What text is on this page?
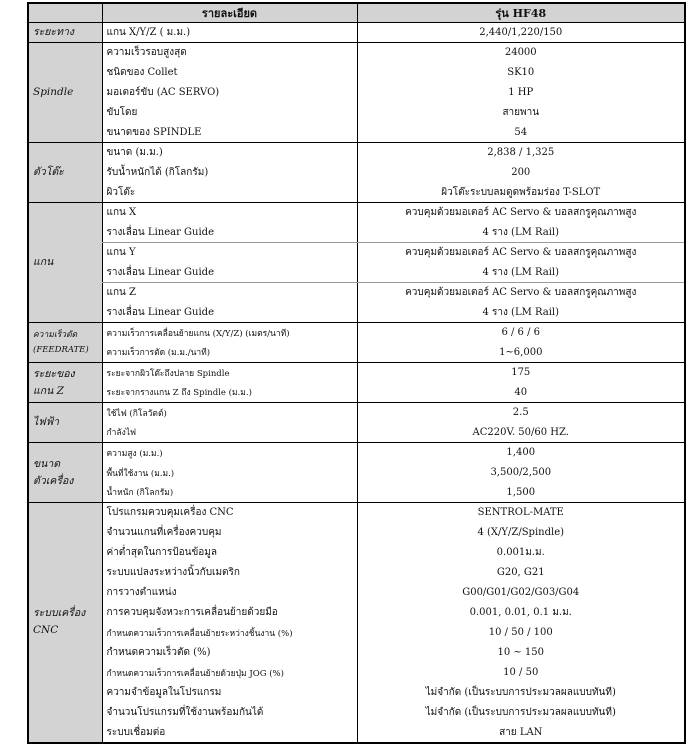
	รายละเอียด	รุ่น HF48
ระยะทาง	แกน X/Y/Z ( ม.ม.)	2,440/1,220/150
Spindle	ความเร็วรอบสูงสุด	24000
	ชนิดของ Collet	SK10
	มอเตอร์ขับ (AC SERVO)	1 HP
	ขับโดย	สายพาน
	ขนาดของ SPINDLE	54
ตัวโต๊ะ	ขนาด (ม.ม.)	2,838 / 1,325
	รับน้ำหนักได้ (กิโลกรัม)	200
	ผิวโต๊ะ	ผิวโต๊ะระบบลมดูดพร้อมร่อง T-SLOT
แกน	แกน X	ควบคุมด้วยมอเตอร์ AC Servo & บอลสกรูคุณภาพสูง
	รางเลื่อน Linear Guide	4 ราง (LM Rail)
	แกน Y	ควบคุมด้วยมอเตอร์ AC Servo & บอลสกรูคุณภาพสูง
	รางเลื่อน Linear Guide	4 ราง (LM Rail)
	แกน Z	ควบคุมด้วยมอเตอร์ AC Servo & บอลสกรูคุณภาพสูง
	รางเลื่อน Linear Guide	4 ราง (LM Rail)

ความเร็วตัด
(FEEDRATE)	ความเร็วการเคลื่อนย้ายแกน (X/Y/Z) (เมตร/นาที)	6 / 6 / 6
	ความเร็วการตัด (ม.ม./นาที)	1~6,000

ระยะของ
แกน Z	ระยะจากผิวโต๊ะถึงปลาย Spindle	175
	ระยะจากรางแกน Z ถึง Spindle (ม.ม.)	40
ไฟฟ้า	ใช้ไฟ (กิโลวัตต์)	2.5
	กำลังไฟ	AC220V. 50/60 HZ.

ขนาด
ตัวเครื่อง	ความสูง (ม.ม.)	1,400
	พื้นที่ใช้งาน (ม.ม.)	3,500/2,500
	น้ำหนัก (กิโลกรัม)	1,500

ระบบเครื่อง
CNC	โปรแกรมควบคุมเครื่อง CNC	SENTROL-MATE
	จำนวนแกนที่เครื่องควบคุม	4 (X/Y/Z/Spindle)
	ค่าต่ำสุดในการป้อนข้อมูล	0.001ม.ม.
	ระบบแปลงระหว่างนิ้วกับเมตริก	G20, G21
	การวางตำแหน่ง	G00/G01/G02/G03/G04
	การควบคุมจังหวะการเคลื่อนย้ายด้วยมือ	0.001, 0.01, 0.1 ม.ม.
	กำหนดความเร็วการเคลื่อนย้ายระหว่างชิ้นงาน (%)	10 / 50 / 100
	กำหนดความเร็วตัด (%)	10 ~ 150
	กำหนดความเร็วการเคลื่อนย้ายด้วยปุ่ม JOG (%)	10 / 50
	ความจำข้อมูลในโปรแกรม	ไม่จำกัด (เป็นระบบการประมวลผลแบบทันที)
	จำนวนโปรแกรมที่ใช้งานพร้อมกันได้	ไม่จำกัด (เป็นระบบการประมวลผลแบบทันที)
	ระบบเชื่อมต่อ	สาย LAN
